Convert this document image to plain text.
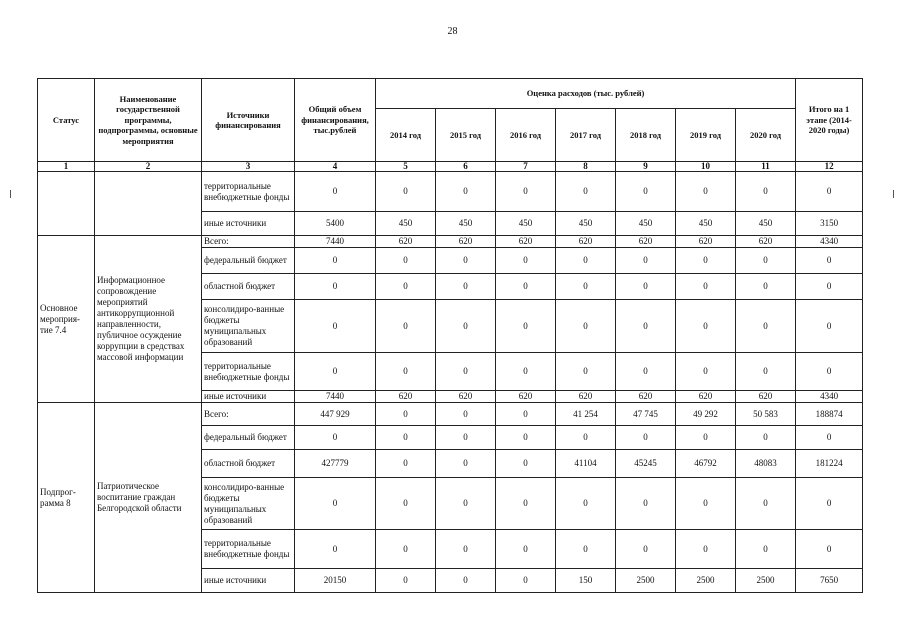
28
Статус	Наименование государственной программы, подпрограммы, основные мероприятия	Источники финансирования	Общий объем финансирования, тыс.рублей	Оценка расходов (тыс. рублей)							Итого на 1 этапе (2014-2020 годы)
				2014 год	2015 год	2016 год	2017 год	2018 год	2019 год	2020 год	
1	2	3	4	5	6	7	8	9	10	11	12
		территориальные внебюджетные фонды	0	0	0	0	0	0	0	0	0
		иные источники	5400	450	450	450	450	450	450	450	3150
Основное мероприя-тие 7.4	Информационное сопровождение мероприятий антикоррупционной направленности, публичное осуждение коррупции в средствах массовой информации	Всего:	7440	620	620	620	620	620	620	620	4340
		федеральный бюджет	0	0	0	0	0	0	0	0	0
		областной бюджет	0	0	0	0	0	0	0	0	0
		консолидиро-ванные бюджеты муниципальных образований	0	0	0	0	0	0	0	0	0
		территориальные внебюджетные фонды	0	0	0	0	0	0	0	0	0
		иные источники	7440	620	620	620	620	620	620	620	4340
Подпрог-рамма 8	Патриотическое воспитание граждан Белгородской области	Всего:	447 929	0	0	0	41 254	47 745	49 292	50 583	188874
		федеральный бюджет	0	0	0	0	0	0	0	0	0
		областной бюджет	427779	0	0	0	41104	45245	46792	48083	181224
		консолидиро-ванные бюджеты муниципальных образований	0	0	0	0	0	0	0	0	0
		территориальные внебюджетные фонды	0	0	0	0	0	0	0	0	0
		иные источники	20150	0	0	0	150	2500	2500	2500	7650
